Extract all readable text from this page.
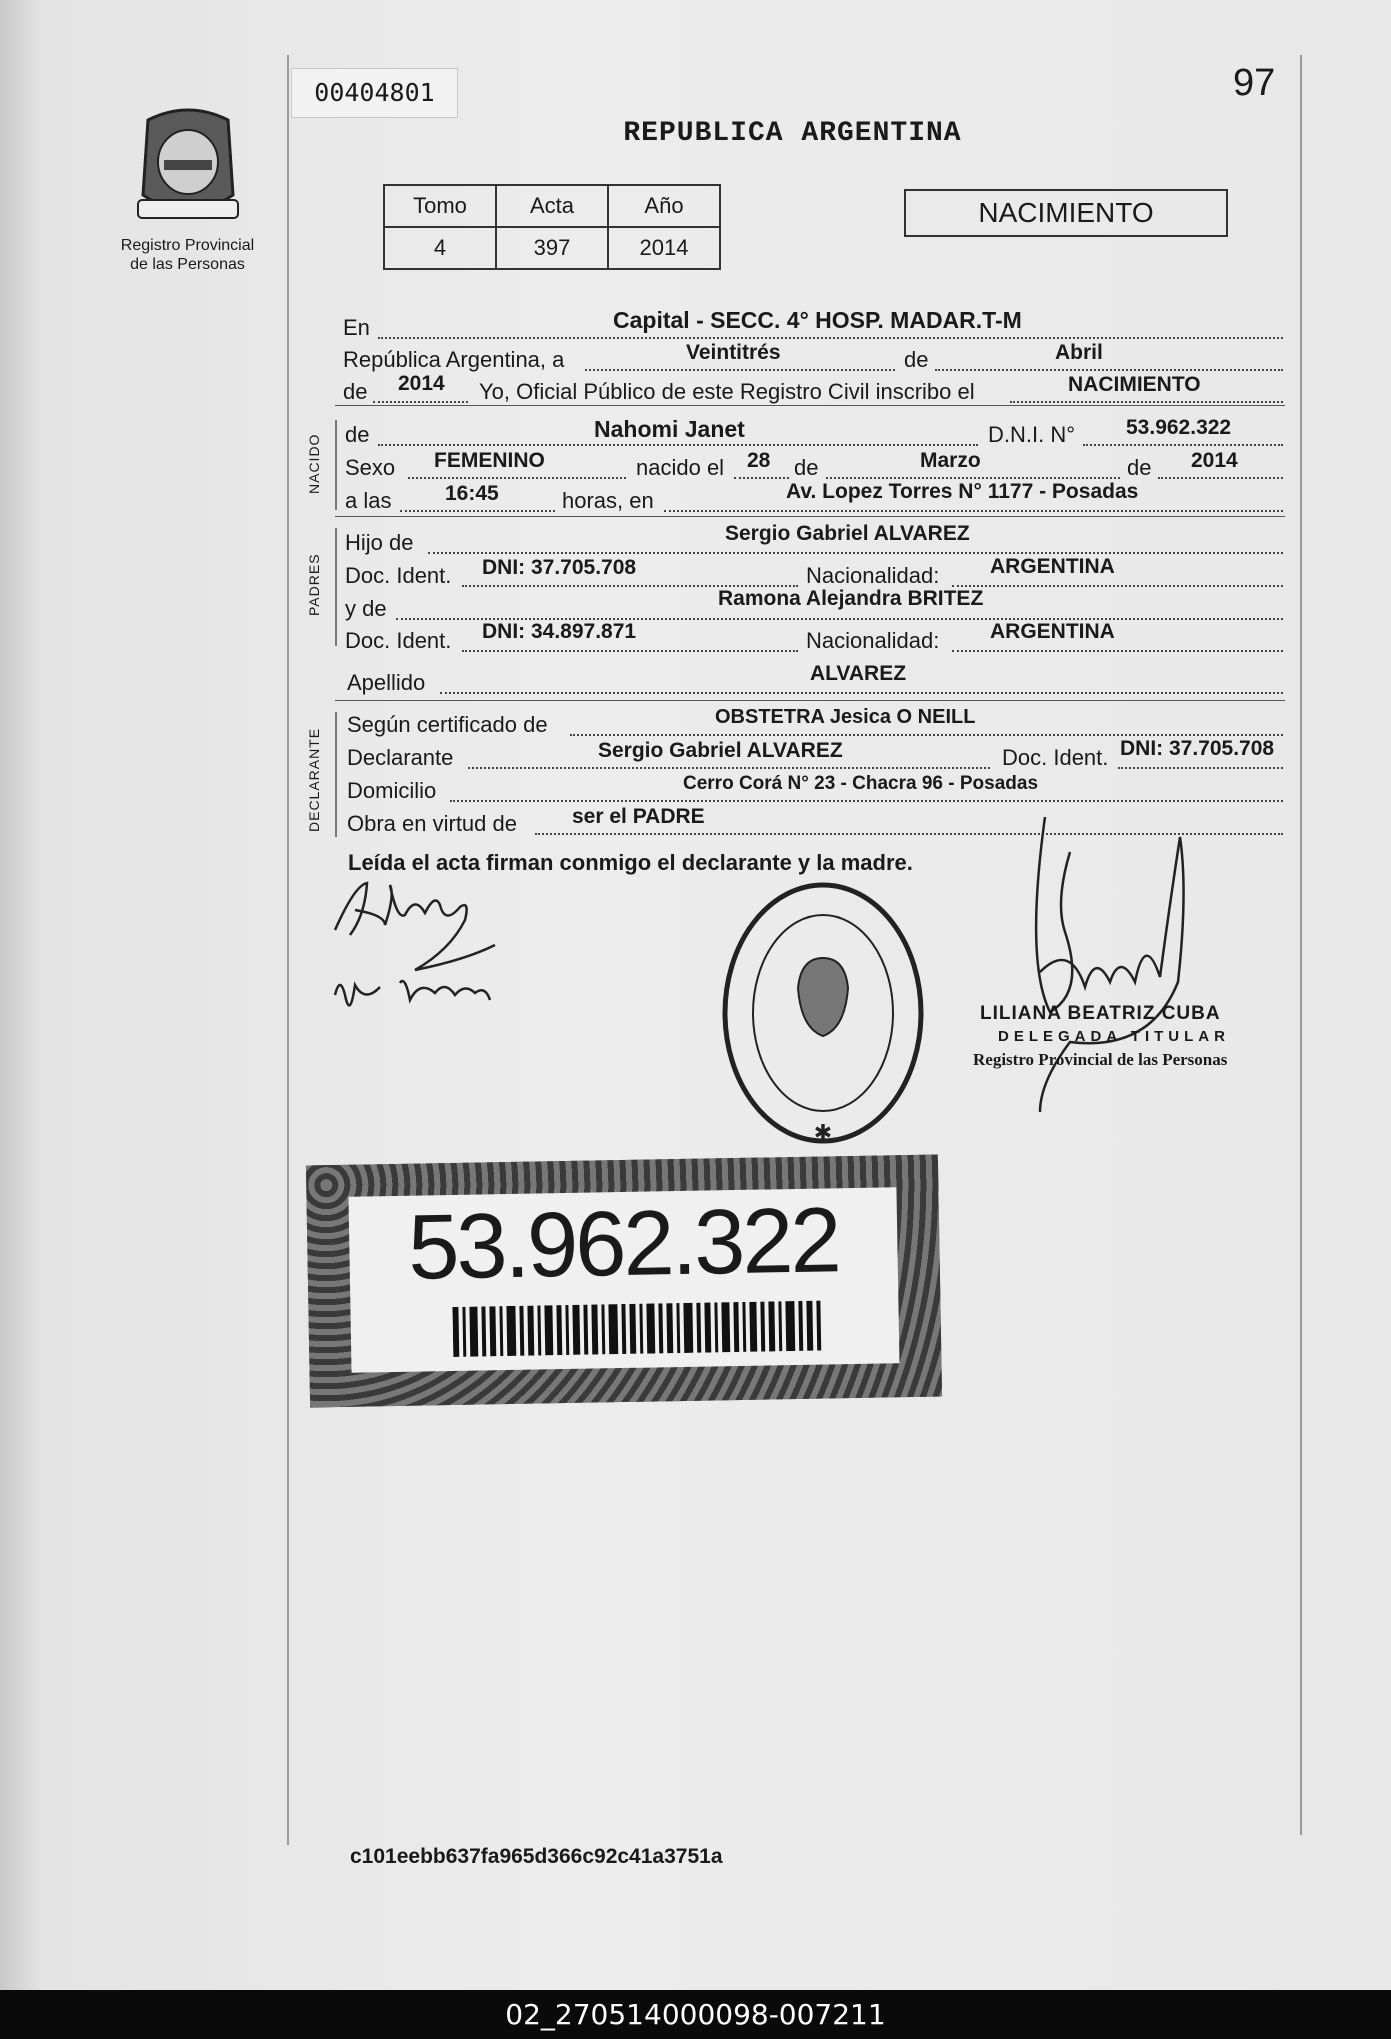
Registro Provincial
de las Personas
00404801	97
REPUBLICA ARGENTINA
Tomo	Acta	Año
4	397	2014
NACIMIENTO
En	Capital - SECC. 4° HOSP. MADAR.T-M
República Argentina, a	Veintitrés	de	Abril
de 2014 Yo, Oficial Público de este Registro Civil inscribo el	NACIMIENTO
NACIDO de	Nahomi Janet	D.N.I. N° 53.962.322
Sexo FEMENINO	nacido el 28 de	Marzo	de 2014
a las	16:45	horas, en	Av. Lopez Torres N° 1177 - Posadas
PADRES
Hijo de	Sergio Gabriel ALVAREZ
Doc. Ident. DNI: 37.705.708	Nacionalidad: ARGENTINA
y de	Ramona Alejandra BRITEZ
Doc. Ident. DNI: 34.897.871	Nacionalidad: ARGENTINA
Apellido	ALVAREZ
DECLARANTE
Según certificado de	OBSTETRA Jesica O NEILL
Declarante	Sergio Gabriel ALVAREZ	Doc. Ident. DNI: 37.705.708
Domicilio	Cerro Corá N° 23 - Chacra 96 - Posadas
Obra en virtud de	ser el PADRE
Leída el acta firman conmigo el declarante y la madre.
✱
LILIANA BEATRIZ CUBA
DELEGADA TITULAR
Registro Provincial de las Personas
53.962.322
c101eebb637fa965d366c92c41a3751a
02_270514000098-007211
